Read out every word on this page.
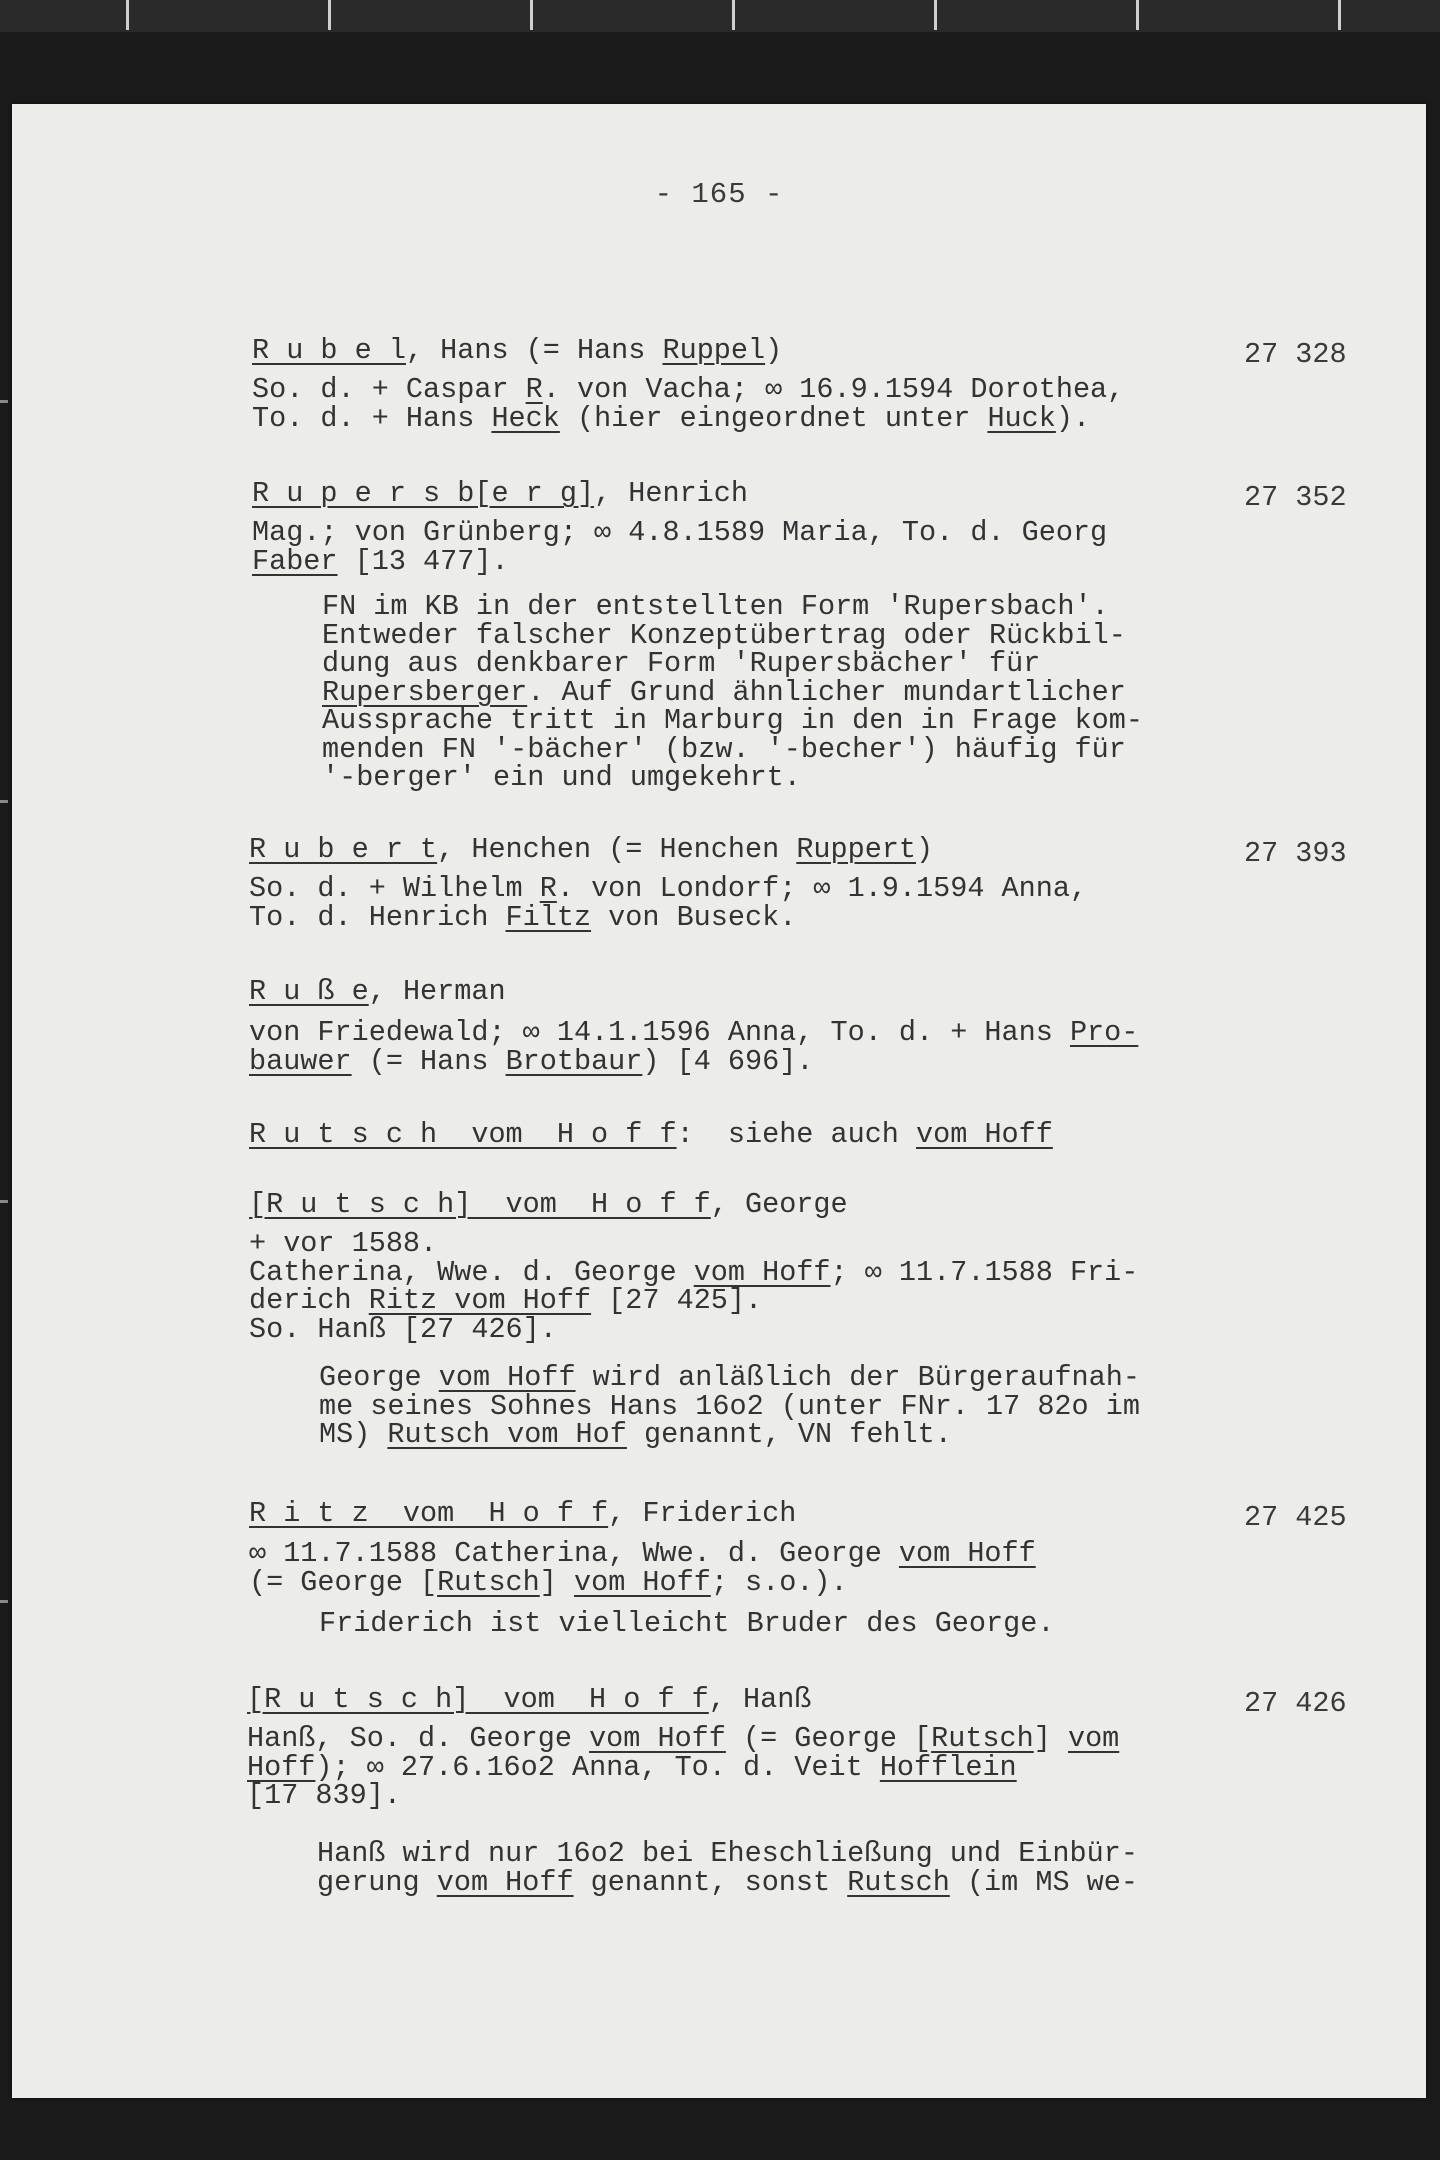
- 165 -
R u b e l, Hans (= Hans Ruppel)	27 328
So. d. + Caspar R. von Vacha; ∞ 16.9.1594 Dorothea,
To. d. + Hans Heck (hier eingeordnet unter Huck).
R u p e r s b[e r g], Henrich	27 352
Mag.; von Grünberg; ∞ 4.8.1589 Maria, To. d. Georg
Faber [13 477].
FN im KB in der entstellten Form 'Rupersbach'.
Entweder falscher Konzeptübertrag oder Rückbil-
dung aus denkbarer Form 'Rupersbächer' für
Rupersberger. Auf Grund ähnlicher mundartlicher
Aussprache tritt in Marburg in den in Frage kom-
menden FN '-bächer' (bzw. '-becher') häufig für
'-berger' ein und umgekehrt.
R u b e r t, Henchen (= Henchen Ruppert)	27 393
So. d. + Wilhelm R. von Londorf; ∞ 1.9.1594 Anna,
To. d. Henrich Filtz von Buseck.
R u ß e, Herman
von Friedewald; ∞ 14.1.1596 Anna, To. d. + Hans Pro-
bauwer (= Hans Brotbaur) [4 696].
R u t s c h  vom  H o f f:  siehe auch vom Hoff
[R u t s c h]  vom  H o f f, George
+ vor 1588.
Catherina, Wwe. d. George vom Hoff; ∞ 11.7.1588 Fri-
derich Ritz vom Hoff [27 425].
So. Hanß [27 426].
George vom Hoff wird anläßlich der Bürgeraufnah-
me seines Sohnes Hans 16o2 (unter FNr. 17 82o im
MS) Rutsch vom Hof genannt, VN fehlt.
R i t z  vom  H o f f, Friderich	27 425
∞ 11.7.1588 Catherina, Wwe. d. George vom Hoff
(= George [Rutsch] vom Hoff; s.o.).
Friderich ist vielleicht Bruder des George.
[R u t s c h]  vom  H o f f, Hanß	27 426
Hanß, So. d. George vom Hoff (= George [Rutsch] vom
Hoff); ∞ 27.6.16o2 Anna, To. d. Veit Hofflein
[17 839].
Hanß wird nur 16o2 bei Eheschließung und Einbür-
gerung vom Hoff genannt, sonst Rutsch (im MS we-
